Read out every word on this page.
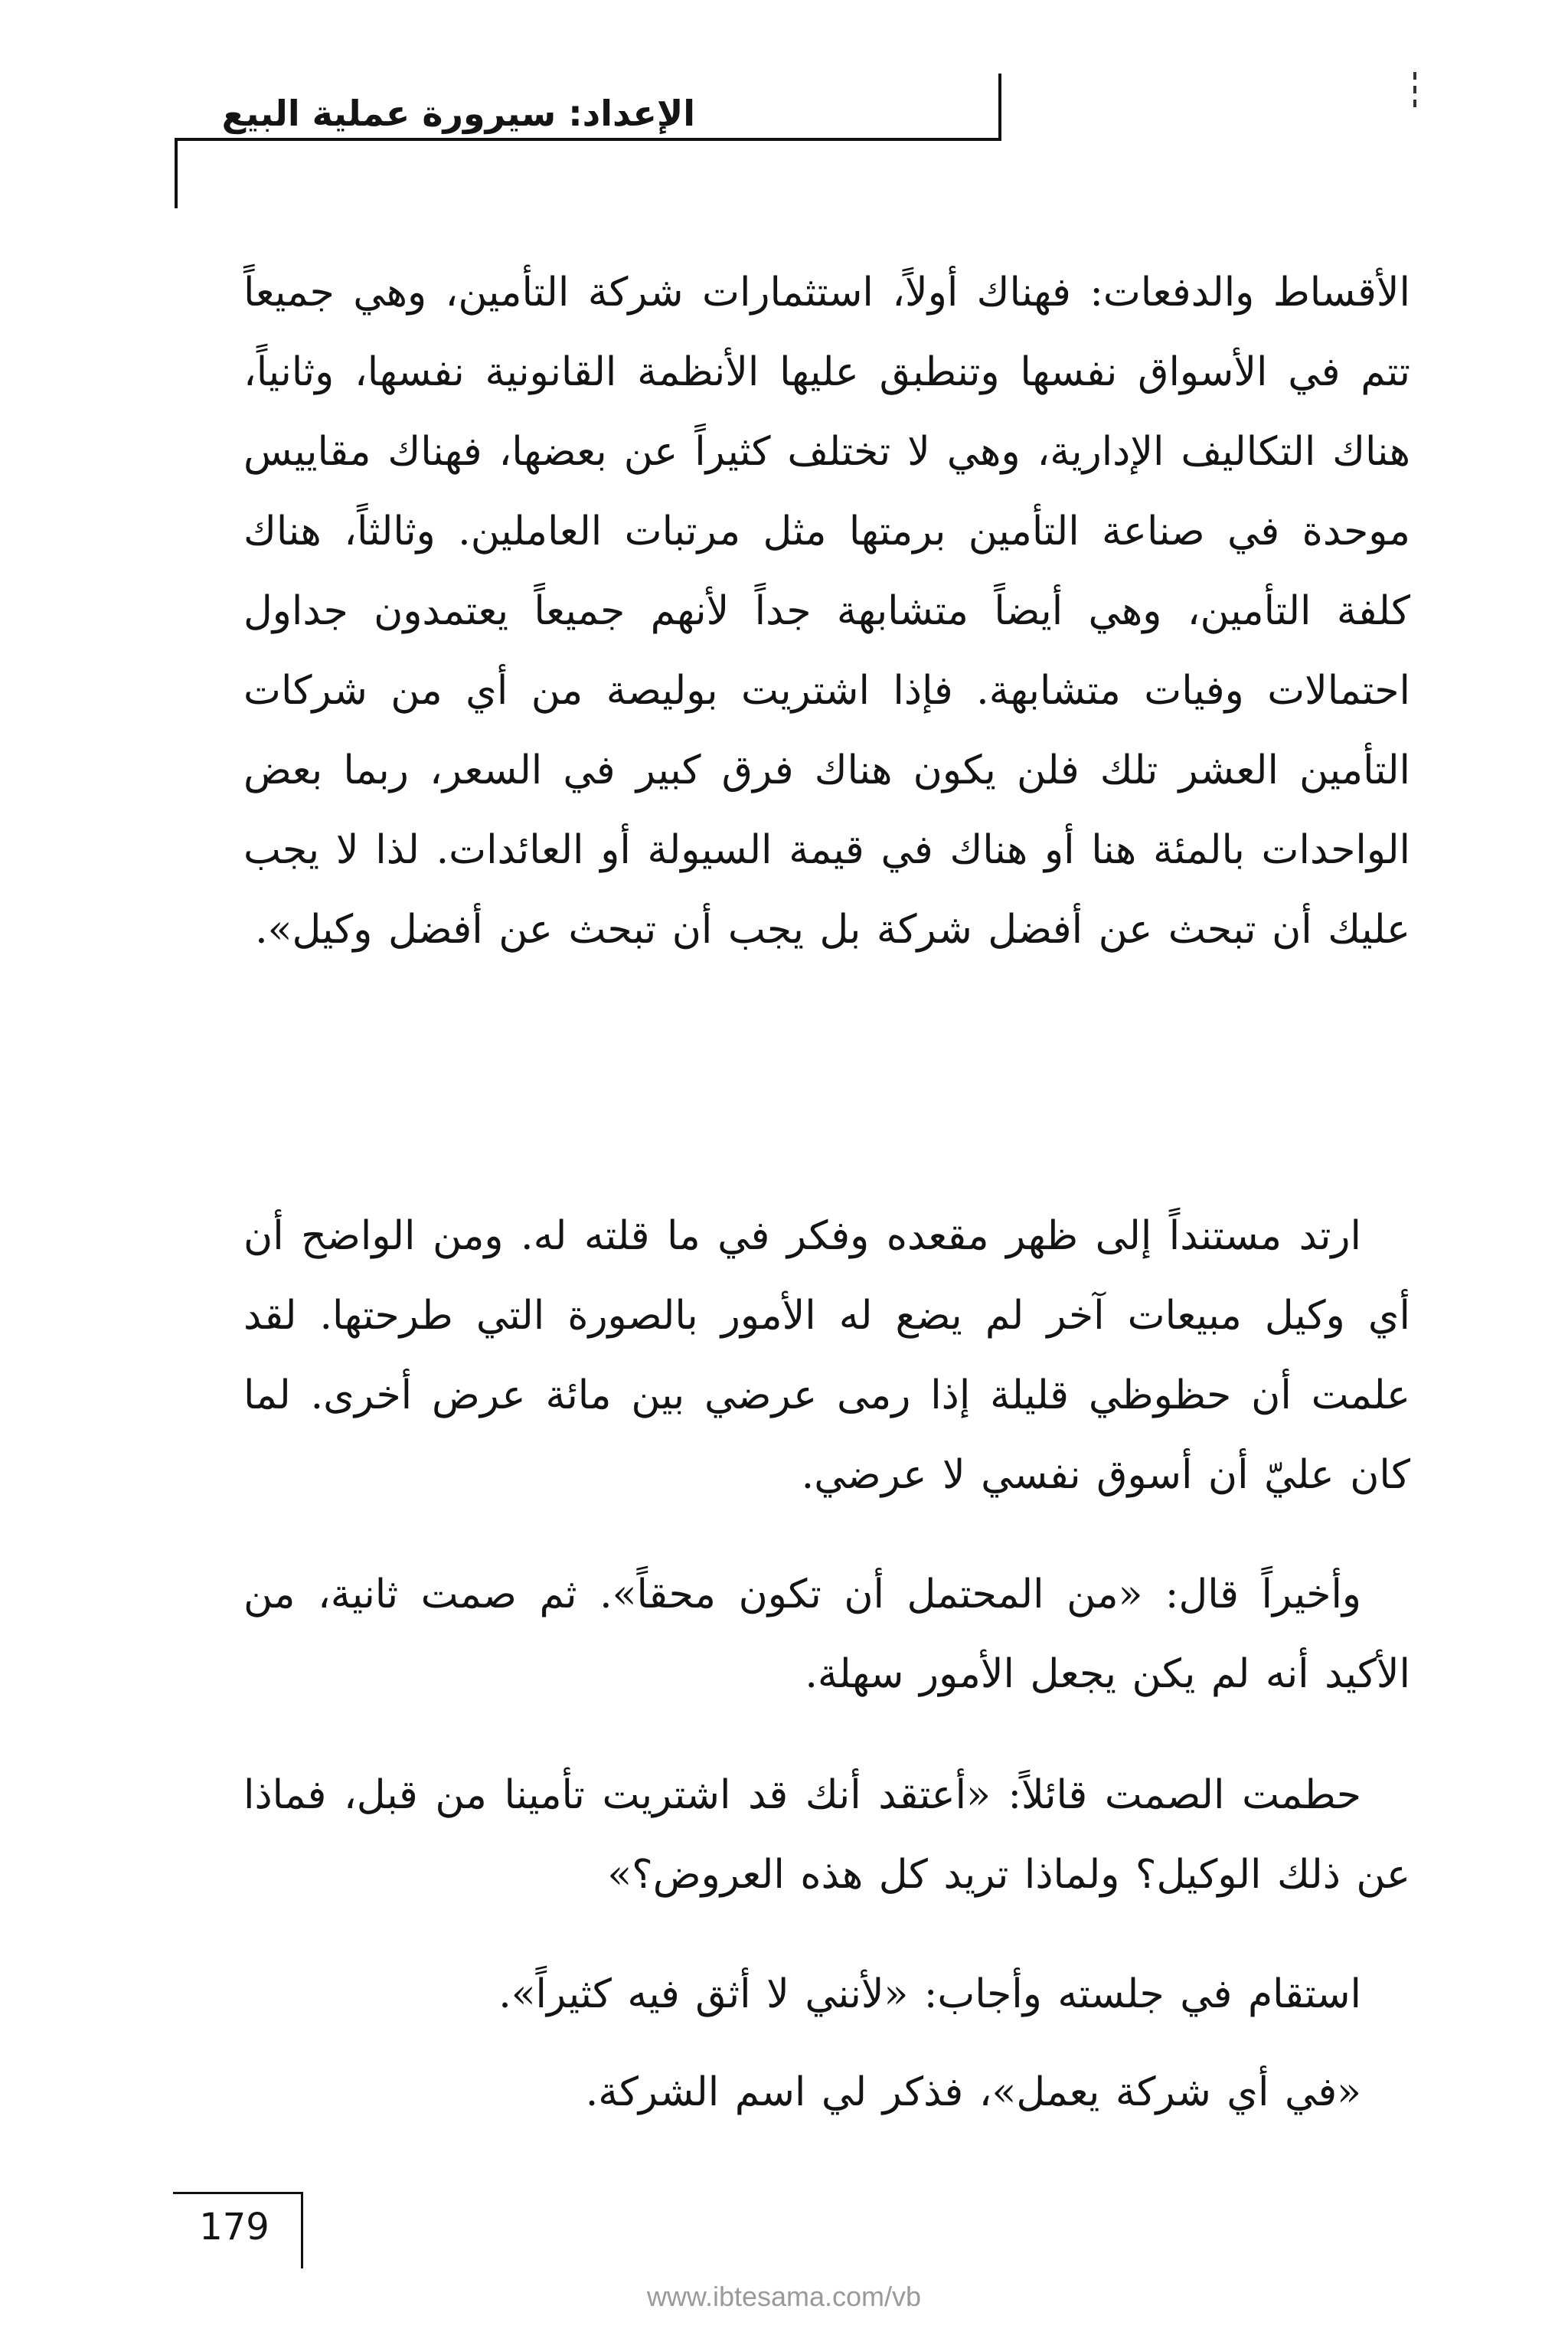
الإعداد: سيرورة عملية البيع

الأقساط والدفعات: فهناك أولاً، استثمارات شركة التأمين، وهي جميعاً تتم في الأسواق نفسها وتنطبق عليها الأنظمة القانونية نفسها، وثانياً، هناك التكاليف الإدارية، وهي لا تختلف كثيراً عن بعضها، فهناك مقاييس موحدة في صناعة التأمين برمتها مثل مرتبات العاملين. وثالثاً، هناك كلفة التأمين، وهي أيضاً متشابهة جداً لأنهم جميعاً يعتمدون جداول احتمالات وفيات متشابهة. فإذا اشتريت بوليصة من أي من شركات التأمين العشر تلك فلن يكون هناك فرق كبير في السعر، ربما بعض الواحدات بالمئة هنا أو هناك في قيمة السيولة أو العائدات. لذا لا يجب عليك أن تبحث عن أفضل شركة بل يجب أن تبحث عن أفضل وكيل».

ارتد مستنداً إلى ظهر مقعده وفكر في ما قلته له. ومن الواضح أن أي وكيل مبيعات آخر لم يضع له الأمور بالصورة التي طرحتها. لقد علمت أن حظوظي قليلة إذا رمى عرضي بين مائة عرض أخرى. لما كان عليّ أن أسوق نفسي لا عرضي.

وأخيراً قال: «من المحتمل أن تكون محقاً». ثم صمت ثانية، من الأكيد أنه لم يكن يجعل الأمور سهلة.

حطمت الصمت قائلاً: «أعتقد أنك قد اشتريت تأمينا من قبل، فماذا عن ذلك الوكيل؟ ولماذا تريد كل هذه العروض؟»

استقام في جلسته وأجاب: «لأنني لا أثق فيه كثيراً».

«في أي شركة يعمل»، فذكر لي اسم الشركة.

179
www.ibtesama.com/vb
